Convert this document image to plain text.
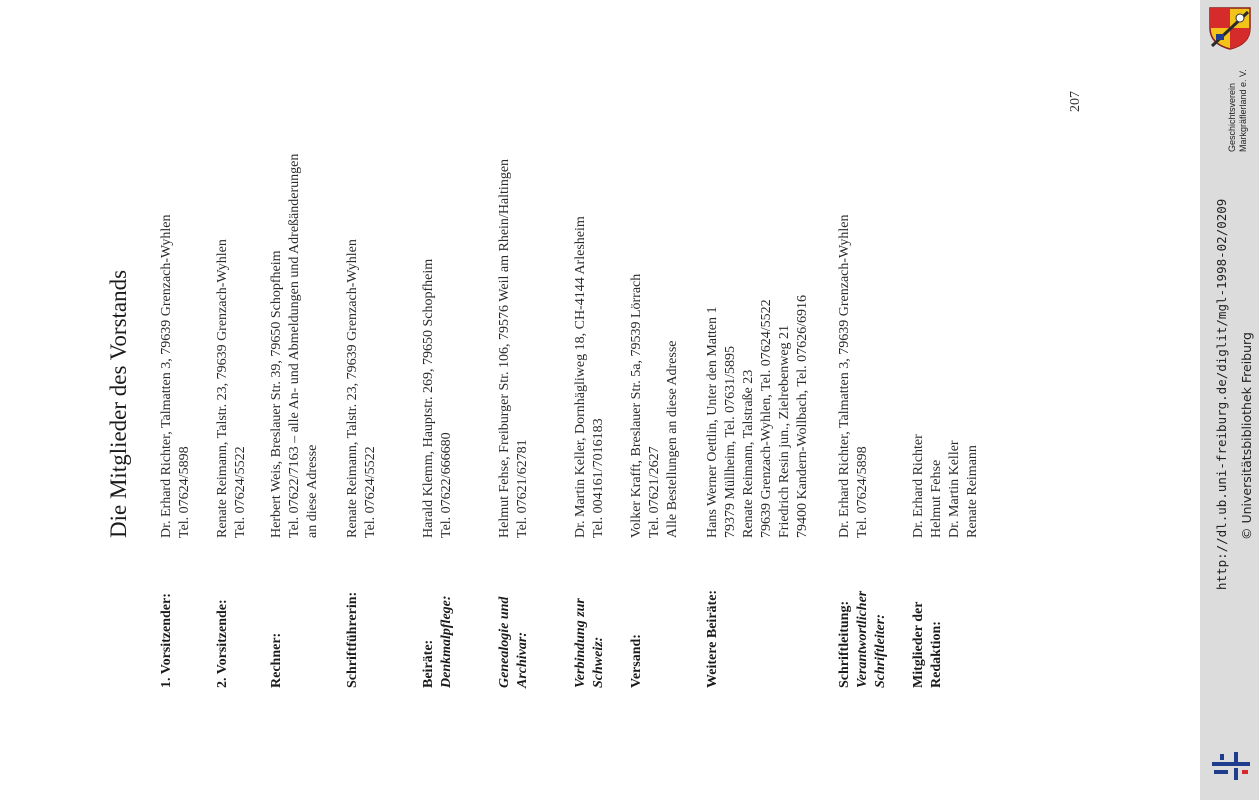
Die Mitglieder des Vorstands
1. Vorsitzender:
Dr. Erhard Richter, Talmatten 3, 79639 Grenzach-Wyhlen Tel. 07624/5898
2. Vorsitzende:
Renate Reimann, Talstr. 23, 79639 Grenzach-Wyhlen Tel. 07624/5522
Rechner:
Herbert Weis, Breslauer Str. 39, 79650 Schopfheim Tel. 07622/7163 – alle An- und Abmeldungen und Adreßänderungen an diese Adresse
Schriftführerin:
Renate Reimann, Talstr. 23, 79639 Grenzach-Wyhlen Tel. 07624/5522
Beiräte: Denkmalpflege:
Harald Klemm, Hauptstr. 269, 79650 Schopfheim Tel. 07622/666680
Genealogie und Archivar:
Helmut Fehse, Freiburger Str. 106, 79576 Weil am Rhein/Haltingen Tel. 07621/62781
Verbindung zur Schweiz:
Dr. Martin Keller, Dornhägliweg 18, CH-4144 Arlesheim Tel. 004161/7016183
Versand:
Volker Krafft, Breslauer Str. 5a, 79539 Lörrach Tel. 07621/2627 Alle Bestellungen an diese Adresse
Weitere Beiräte:
Hans Werner Oettlin, Unter den Matten 1 79379 Müllheim, Tel. 07631/5895 Renate Reimann, Talstraße 23 79639 Grenzach-Wyhlen, Tel. 07624/5522 Friedrich Resin jun., Zielrebenweg 21 79400 Kandern-Wollbach, Tel. 07626/6916
Schriftleitung: Verantwortlicher Schriftleiter:
Dr. Erhard Richter, Talmatten 3, 79639 Grenzach-Wyhlen Tel. 07624/5898
Mitglieder der Redaktion:
Dr. Erhard Richter Helmut Fehse Dr. Martin Keller Renate Reimann
207
http://dl.ub.uni-freiburg.de/diglit/mgl-1998-02/0209 © Universitätsbibliothek Freiburg
Geschichtsverein Markgräflerland e. V.
